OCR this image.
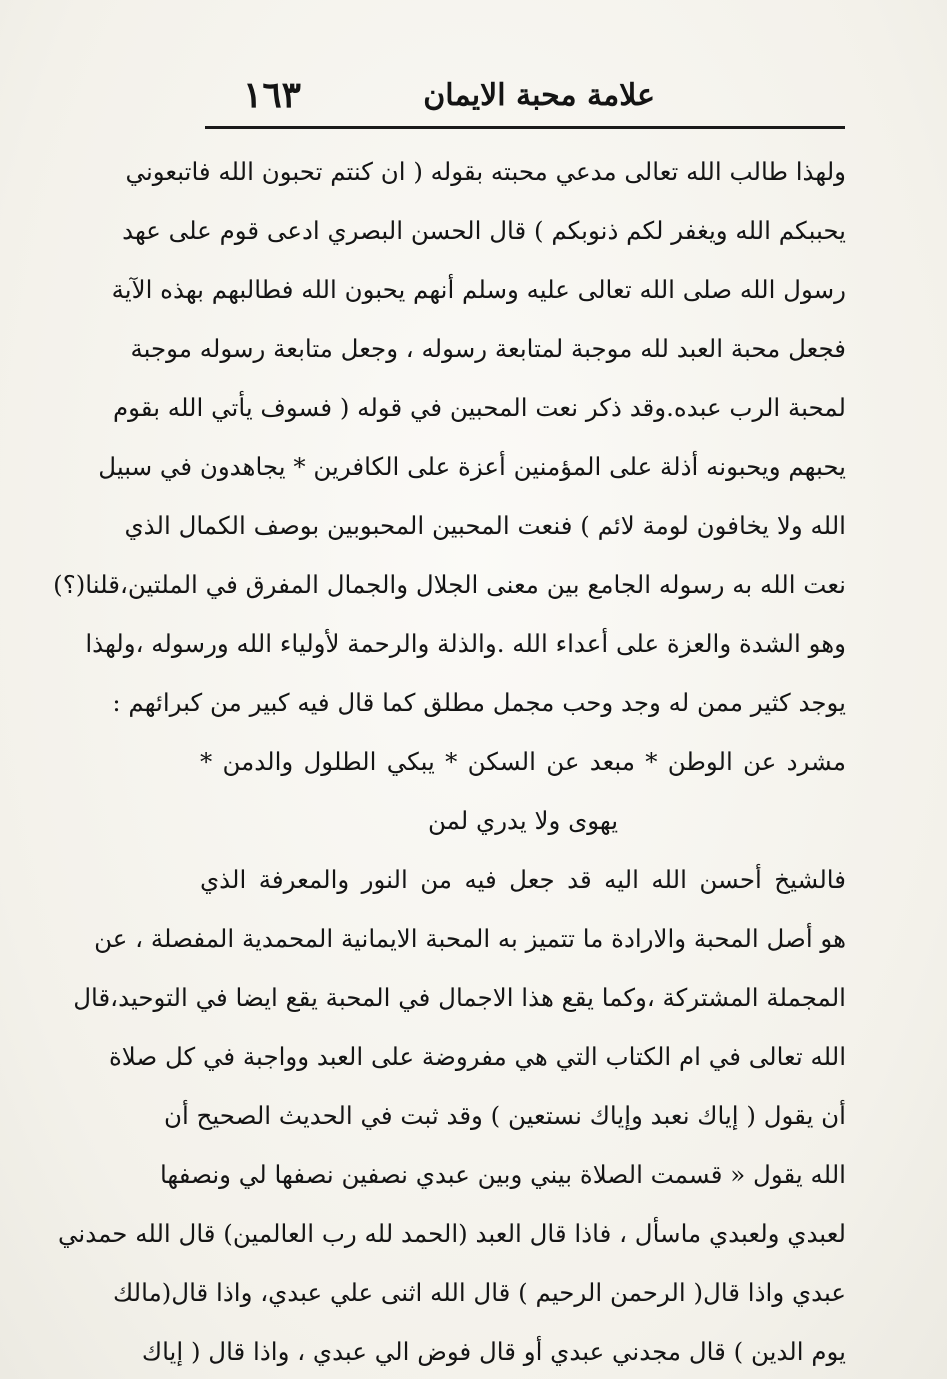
علامة محبة الايمان
١٦٣
ولهذا طالب الله تعالى مدعي محبته بقوله ( ان كنتم تحبون الله فاتبعوني
يحببكم الله ويغفر لكم ذنوبكم ) قال الحسن البصري ادعى قوم على عهد
رسول الله صلى الله تعالى عليه وسلم أنهم يحبون الله فطالبهم بهذه الآية
فجعل محبة العبد لله موجبة لمتابعة رسوله ، وجعل متابعة رسوله موجبة
لمحبة الرب عبده.وقد ذكر نعت المحبين في قوله ( فسوف يأتي الله بقوم
يحبهم ويحبونه أذلة على المؤمنين أعزة على الكافرين * يجاهدون في سبيل
الله ولا يخافون لومة لائم ) فنعت المحبين المحبوبين بوصف الكمال الذي
نعت الله به رسوله الجامع بين معنى الجلال والجمال المفرق في الملتين،قلنا(؟)
وهو الشدة والعزة على أعداء الله .والذلة والرحمة لأولياء الله ورسوله ،ولهذا
يوجد كثير ممن له وجد وحب مجمل مطلق كما قال فيه كبير من كبرائهم :
مشرد عن الوطن * مبعد عن السكن * يبكي الطلول والدمن *
يهوى ولا يدري لمن
فالشيخ أحسن الله اليه قد جعل فيه من النور والمعرفة الذي
هو أصل المحبة والارادة ما تتميز به المحبة الايمانية المحمدية المفصلة ، عن
المجملة المشتركة ،وكما يقع هذا الاجمال في المحبة يقع ايضا في التوحيد،قال
الله تعالى في ام الكتاب التي هي مفروضة على العبد وواجبة في كل صلاة
أن يقول ( إياك نعبد وإياك نستعين ) وقد ثبت في الحديث الصحيح أن
الله يقول « قسمت الصلاة بيني وبين عبدي نصفين نصفها لي ونصفها
لعبدي ولعبدي ماسأل ، فاذا قال العبد (الحمد لله رب العالمين) قال الله حمدني
عبدي واذا قال( الرحمن الرحيم ) قال الله اثنى علي عبدي، واذا قال(مالك
يوم الدين ) قال مجدني عبدي أو قال فوض الي عبدي ، واذا قال ( إياك
